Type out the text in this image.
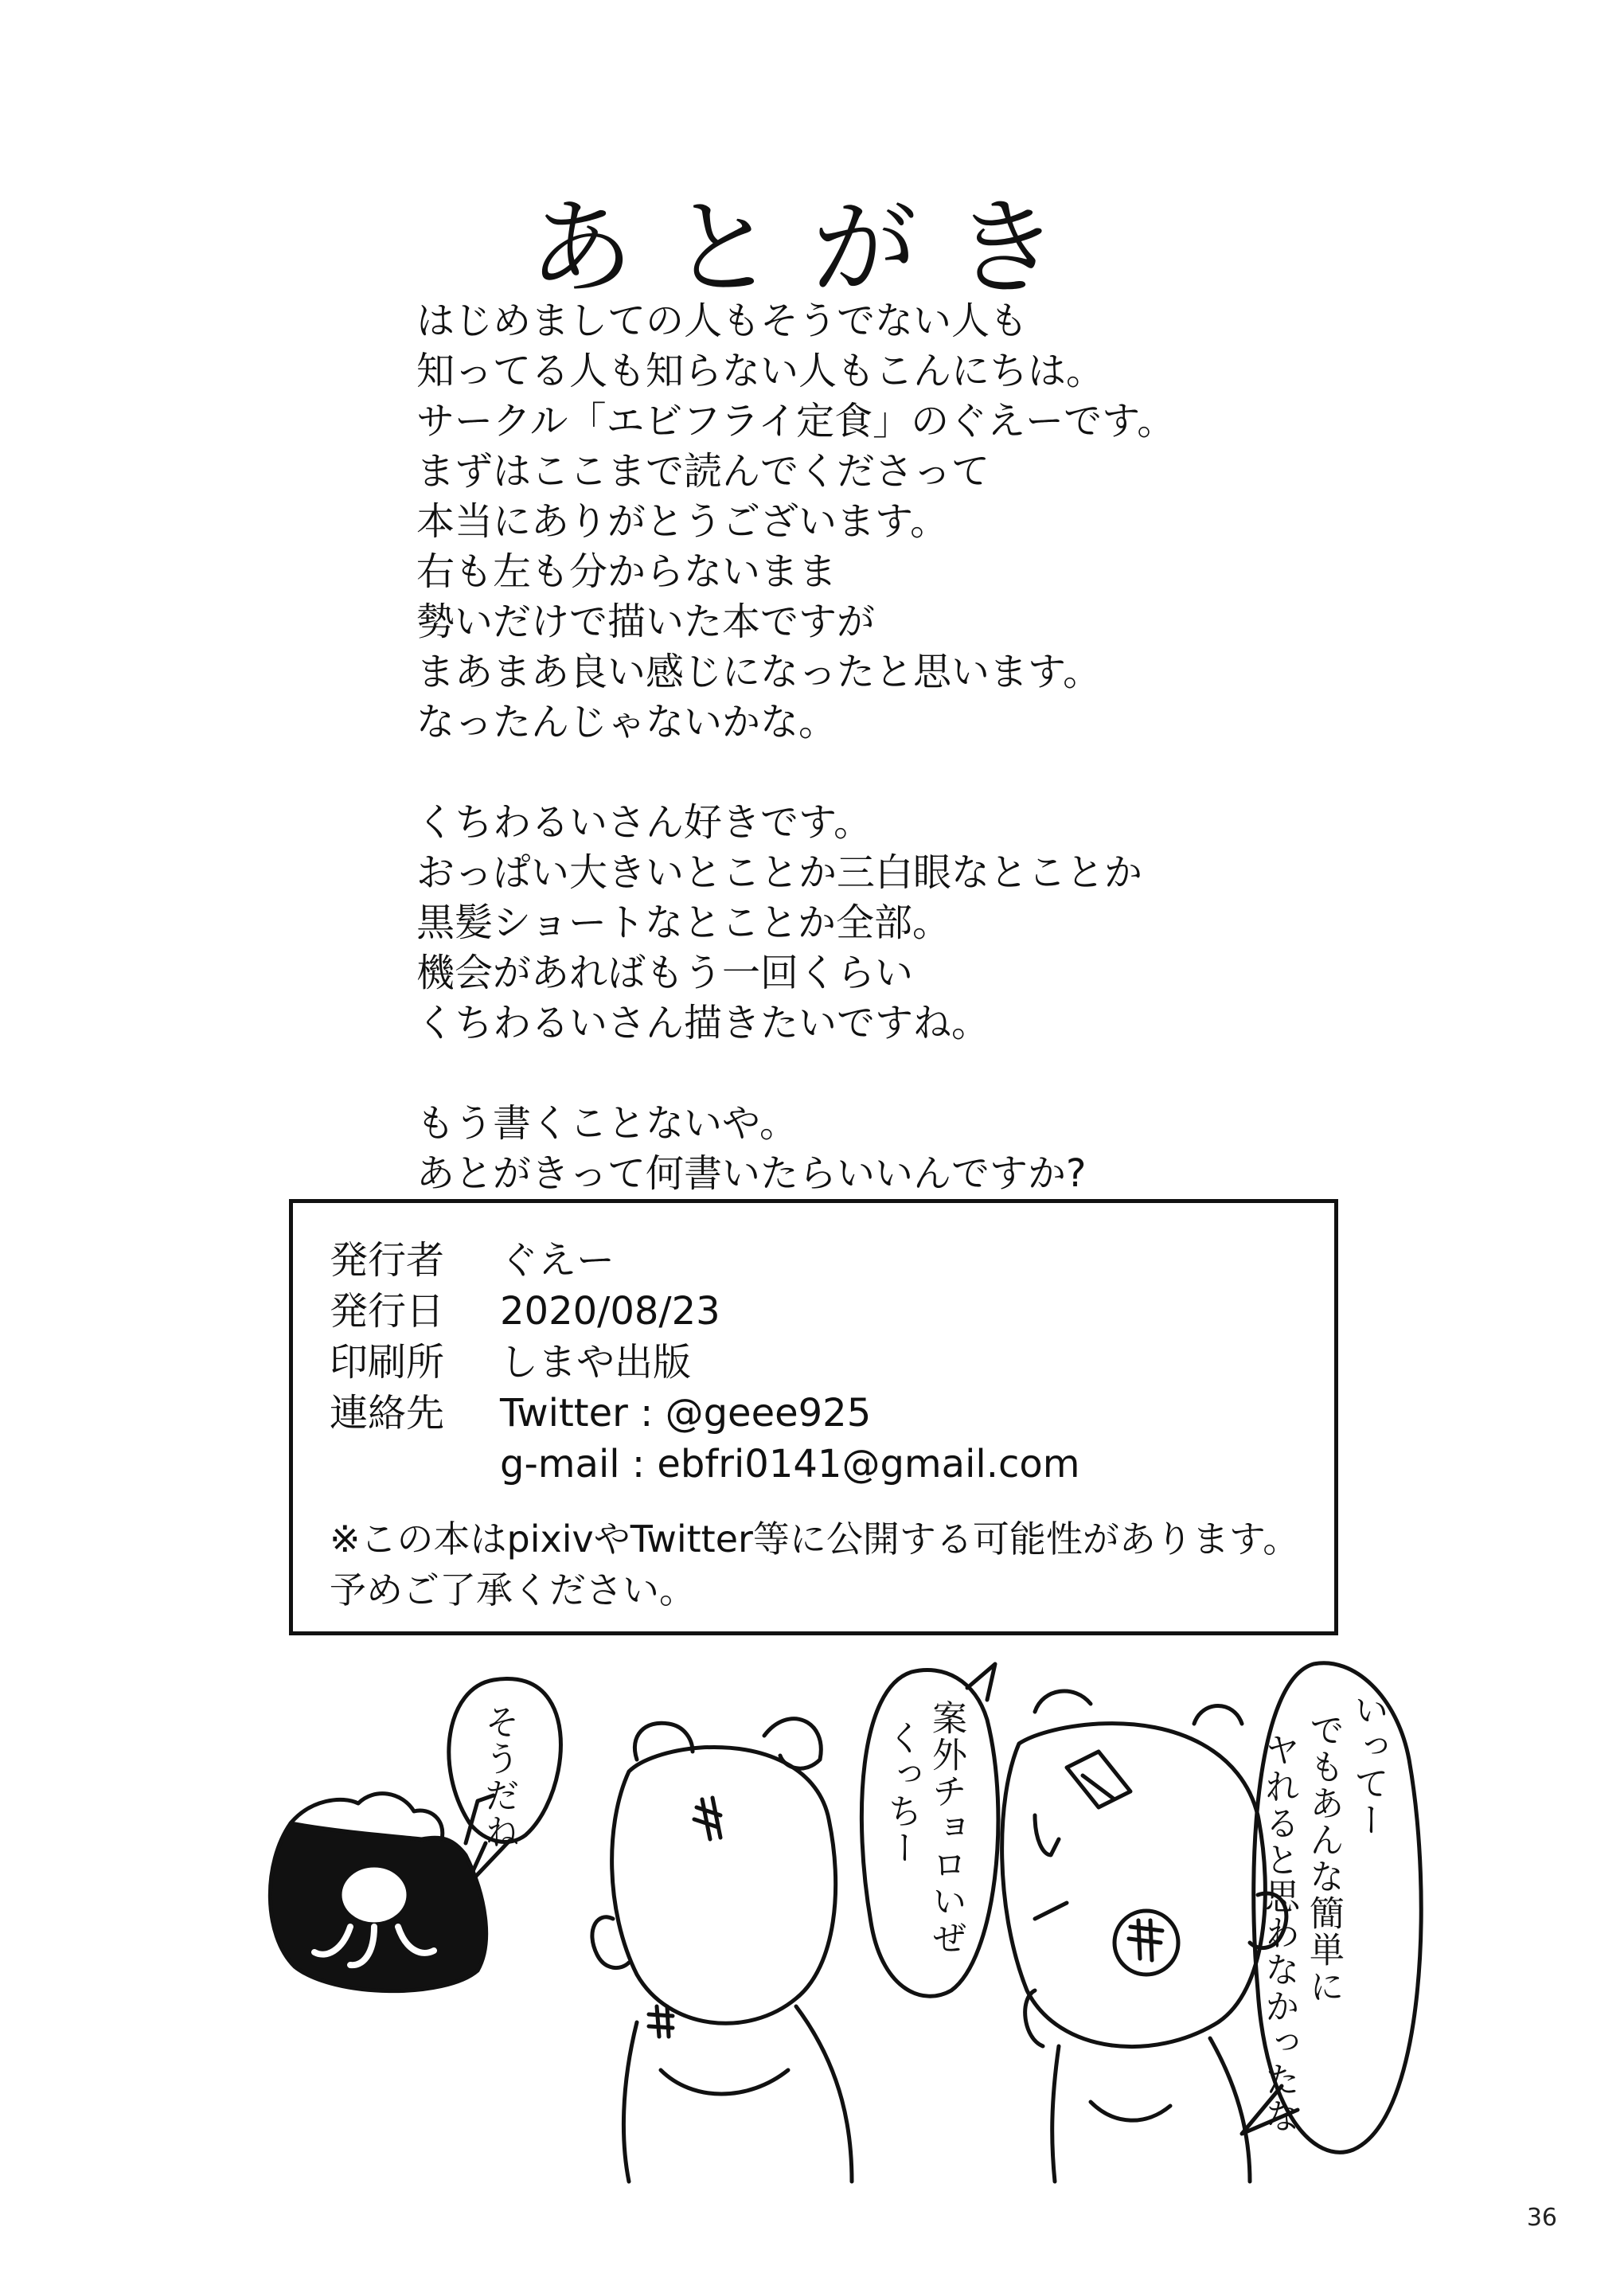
あとがき
はじめましての人もそうでない人も
知ってる人も知らない人もこんにちは。
サークル「エビフライ定食」のぐえーです。
まずはここまで読んでくださって
本当にありがとうございます。
右も左も分からないまま
勢いだけで描いた本ですが
まあまあ良い感じになったと思います。
なったんじゃないかな。
くちわるいさん好きです。
おっぱい大きいとことか三白眼なとことか
黒髪ショートなとことか全部。
機会があればもう一回くらい
くちわるいさん描きたいですね。
もう書くことないや。
あとがきって何書いたらいいんですか?
発行者 ぐえー
発行日 2020/08/23
印刷所 しまや出版
連絡先 Twitter : @geee925
g-mail : ebfri0141@gmail.com
※この本はpixivやTwitter等に公開する可能性があります。
予めご了承ください。
そうだね	案外チョロいぜ
くっちー	いってー
でもあんな簡単に
ヤれると思わなかったな
36
